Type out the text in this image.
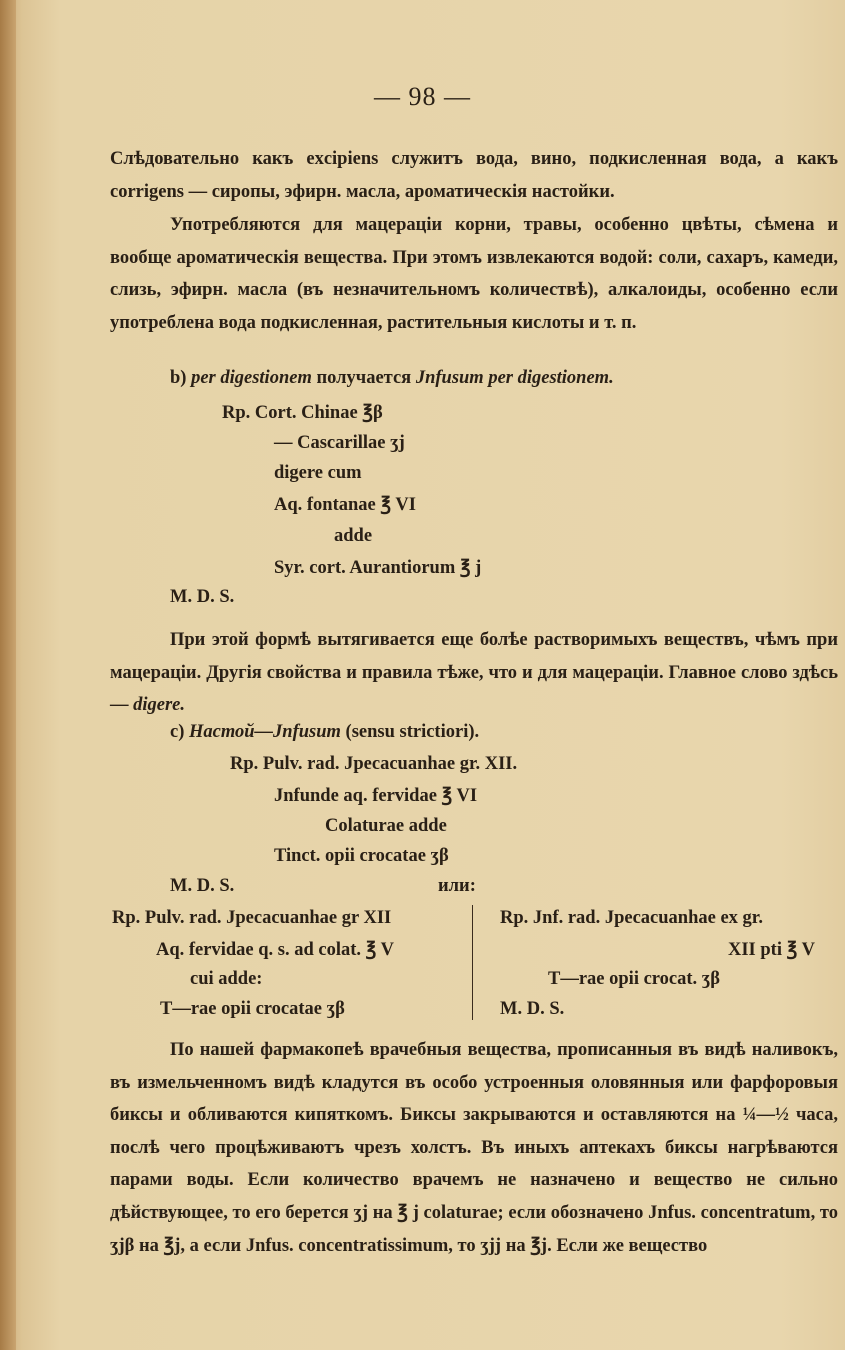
— 98 —
Слѣдовательно какъ excipiens служитъ вода, вино, подкисленная вода, а какъ corrigens — сиропы, эфирн. масла, ароматическія настойки.
Употребляются для мацераціи корни, травы, особенно цвѣты, сѣмена и вообще ароматическія вещества. При этомъ извлекаются водой: соли, сахаръ, камеди, слизь, эфирн. масла (въ незначительномъ количествѣ), алкалоиды, особенно если употреблена вода подкисленная, растительныя кислоты и т. п.
b) per digestionem получается Jnfusum per digestionem.
Rp. Cort. Chinae ℥β
— Cascarillae ʒj
digere cum
Aq. fontanae ℥ VI
adde
Syr. cort. Aurantiorum ℥ j
M. D. S.
При этой формѣ вытягивается еще болѣе растворимыхъ веществъ, чѣмъ при мацераціи. Другія свойства и правила тѣже, что и для мацераціи. Главное слово здѣсь — digere.
c) Настой—Jnfusum (sensu strictiori).
Rp. Pulv. rad. Jpecacuanhae gr. XII.
Jnfunde aq. fervidae ℥ VI
Colaturae adde
Tinct. opii crocatae ʒβ
M. D. S.	или:
Rp. Pulv. rad. Jpecacuanhae gr XII
Aq. fervidae q. s. ad colat. ℥ V
cui adde:
T—rae opii crocatae ʒβ
Rp. Jnf. rad. Jpecacuanhae ex gr.
XII pti ℥ V
T—rae opii crocat. ʒβ
M. D. S.
По нашей фармакопеѣ врачебныя вещества, прописанныя въ видѣ наливокъ, въ измельченномъ видѣ кладутся въ особо устроенныя оловянныя или фарфоровыя биксы и обливаются кипяткомъ. Биксы закрываются и оставляются на ¼—½ часа, послѣ чего процѣживаютъ чрезъ холстъ. Въ иныхъ аптекахъ биксы нагрѣваются парами воды. Если количество врачемъ не назначено и вещество не сильно дѣйствующее, то его берется ʒj на ℥ j colaturae; если обозначено Jnfus. concentratum, то ʒjβ на ℥j, а если Jnfus. concentratissimum, то ʒjj на ℥j. Если же вещество
